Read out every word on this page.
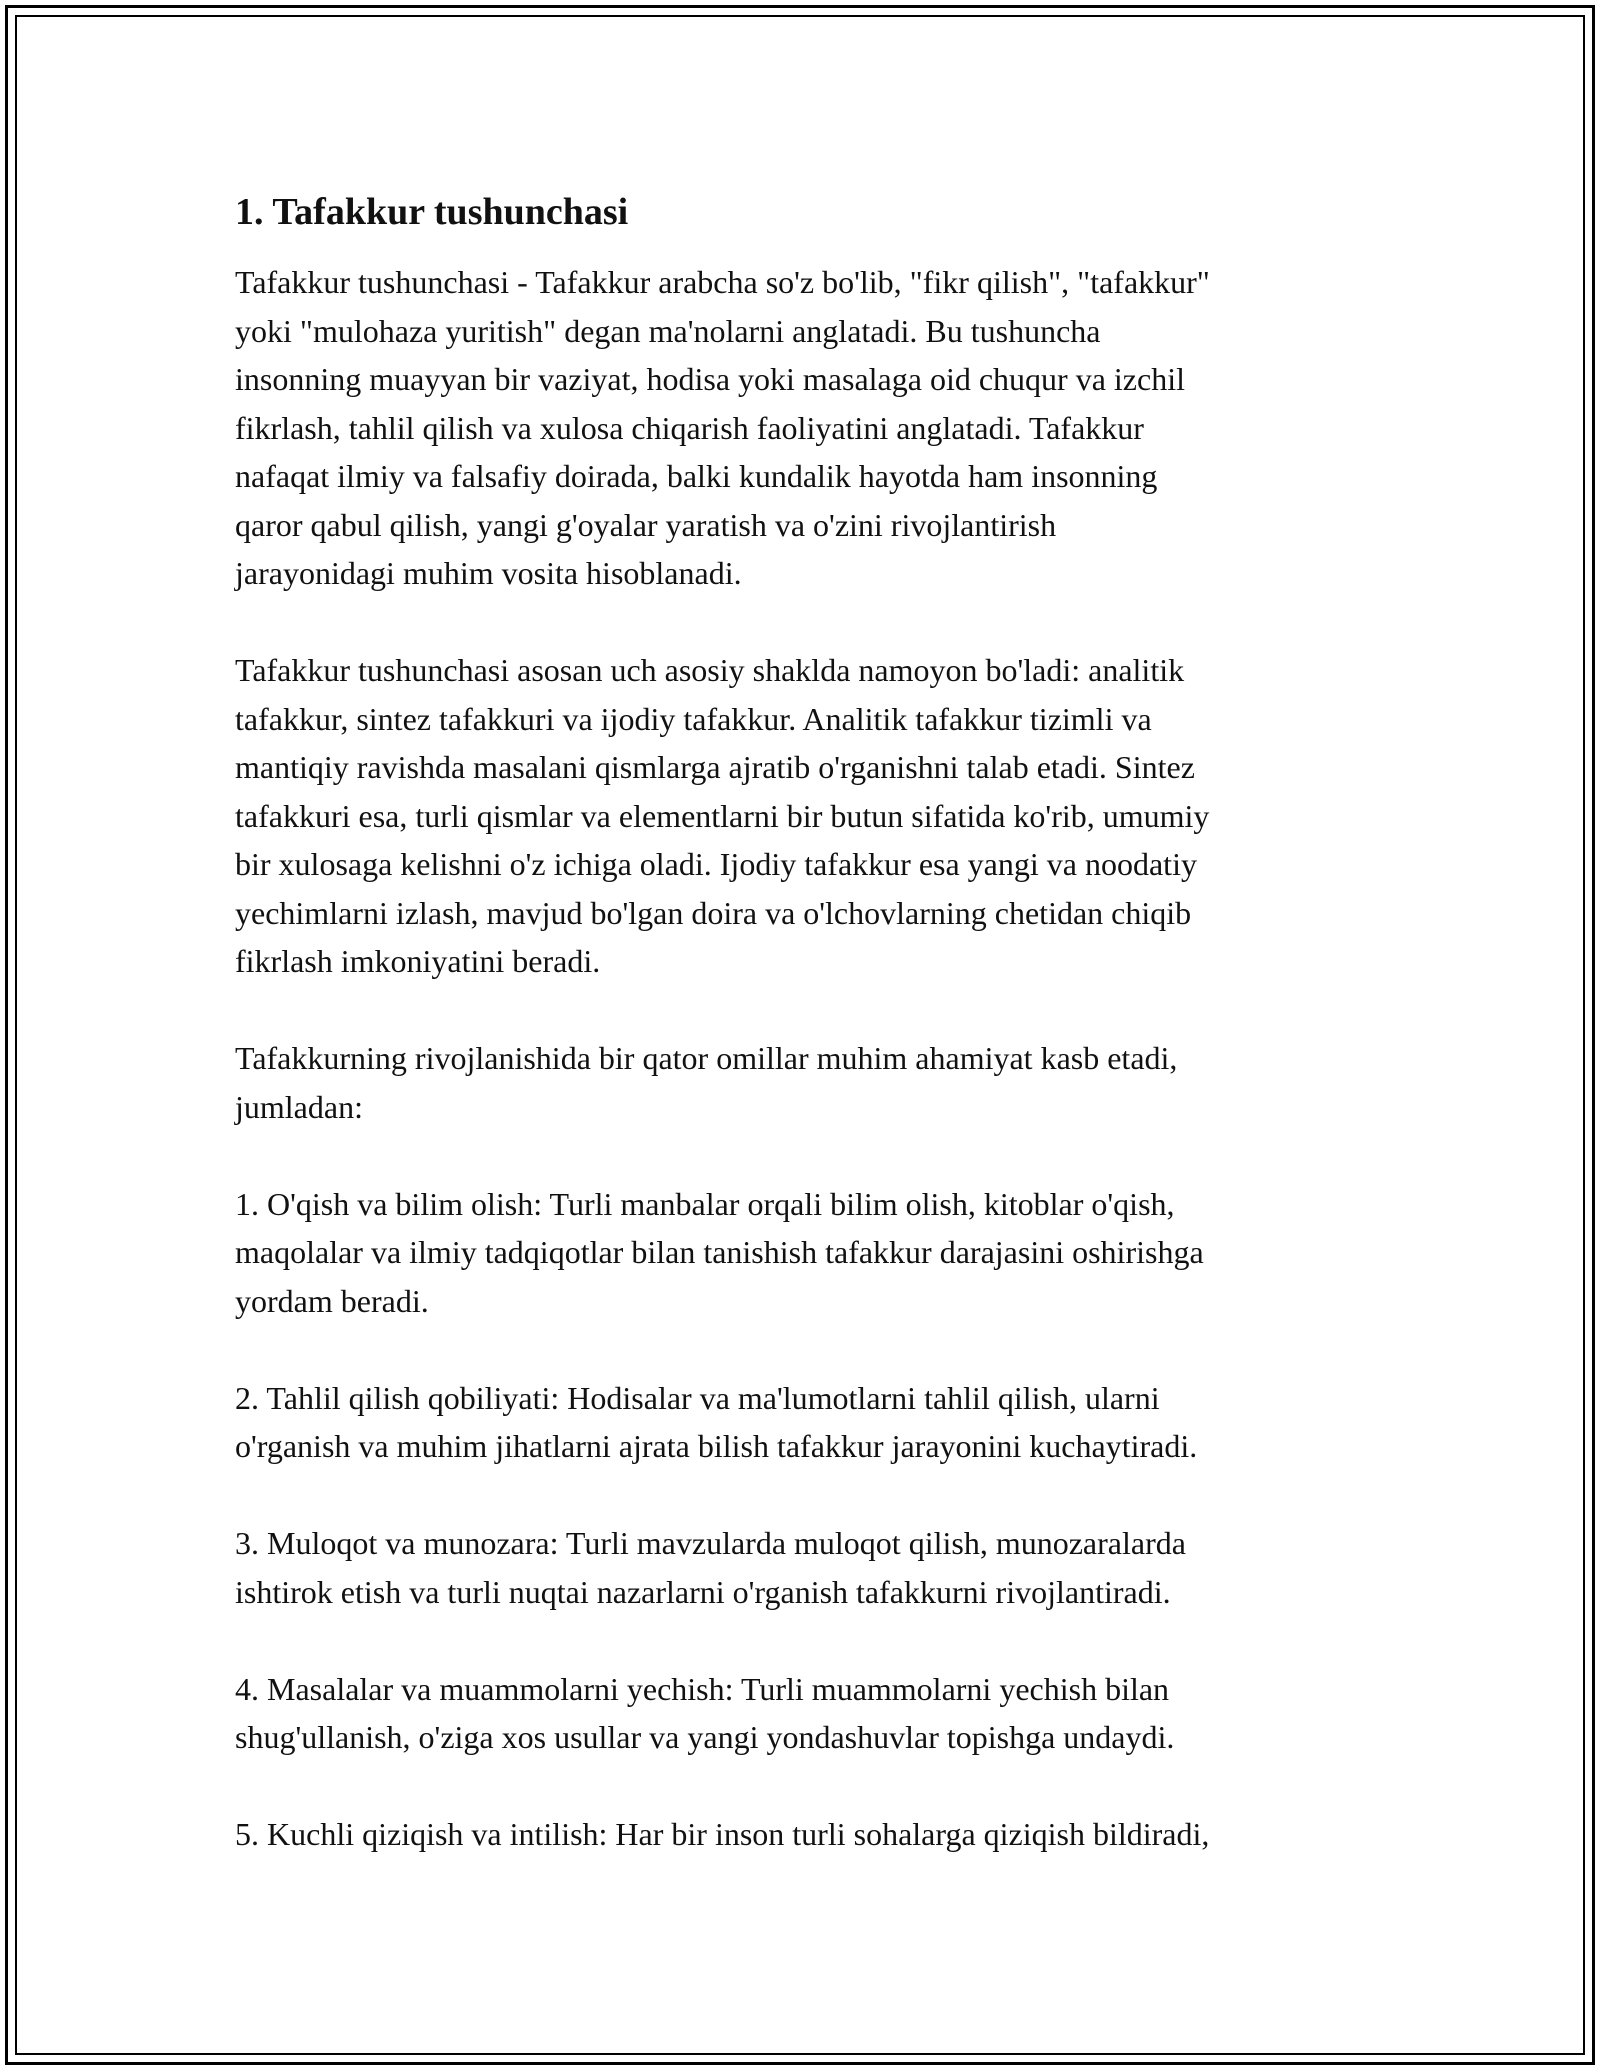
1. Tafakkur tushunchasi

Tafakkur tushunchasi - Tafakkur arabcha so'z bo'lib, "fikr qilish", "tafakkur"
yoki "mulohaza yuritish" degan ma'nolarni anglatadi. Bu tushuncha
insonning muayyan bir vaziyat, hodisa yoki masalaga oid chuqur va izchil
fikrlash, tahlil qilish va xulosa chiqarish faoliyatini anglatadi. Tafakkur
nafaqat ilmiy va falsafiy doirada, balki kundalik hayotda ham insonning
qaror qabul qilish, yangi g'oyalar yaratish va o'zini rivojlantirish
jarayonidagi muhim vosita hisoblanadi.

Tafakkur tushunchasi asosan uch asosiy shaklda namoyon bo'ladi: analitik
tafakkur, sintez tafakkuri va ijodiy tafakkur. Analitik tafakkur tizimli va
mantiqiy ravishda masalani qismlarga ajratib o'rganishni talab etadi. Sintez
tafakkuri esa, turli qismlar va elementlarni bir butun sifatida ko'rib, umumiy
bir xulosaga kelishni o'z ichiga oladi. Ijodiy tafakkur esa yangi va noodatiy
yechimlarni izlash, mavjud bo'lgan doira va o'lchovlarning chetidan chiqib
fikrlash imkoniyatini beradi.

Tafakkurning rivojlanishida bir qator omillar muhim ahamiyat kasb etadi,
jumladan:

1. O'qish va bilim olish: Turli manbalar orqali bilim olish, kitoblar o'qish,
maqolalar va ilmiy tadqiqotlar bilan tanishish tafakkur darajasini oshirishga
yordam beradi.

2. Tahlil qilish qobiliyati: Hodisalar va ma'lumotlarni tahlil qilish, ularni
o'rganish va muhim jihatlarni ajrata bilish tafakkur jarayonini kuchaytiradi.

3. Muloqot va munozara: Turli mavzularda muloqot qilish, munozaralarda
ishtirok etish va turli nuqtai nazarlarni o'rganish tafakkurni rivojlantiradi.

4. Masalalar va muammolarni yechish: Turli muammolarni yechish bilan
shug'ullanish, o'ziga xos usullar va yangi yondashuvlar topishga undaydi.

5. Kuchli qiziqish va intilish: Har bir inson turli sohalarga qiziqish bildiradi,
